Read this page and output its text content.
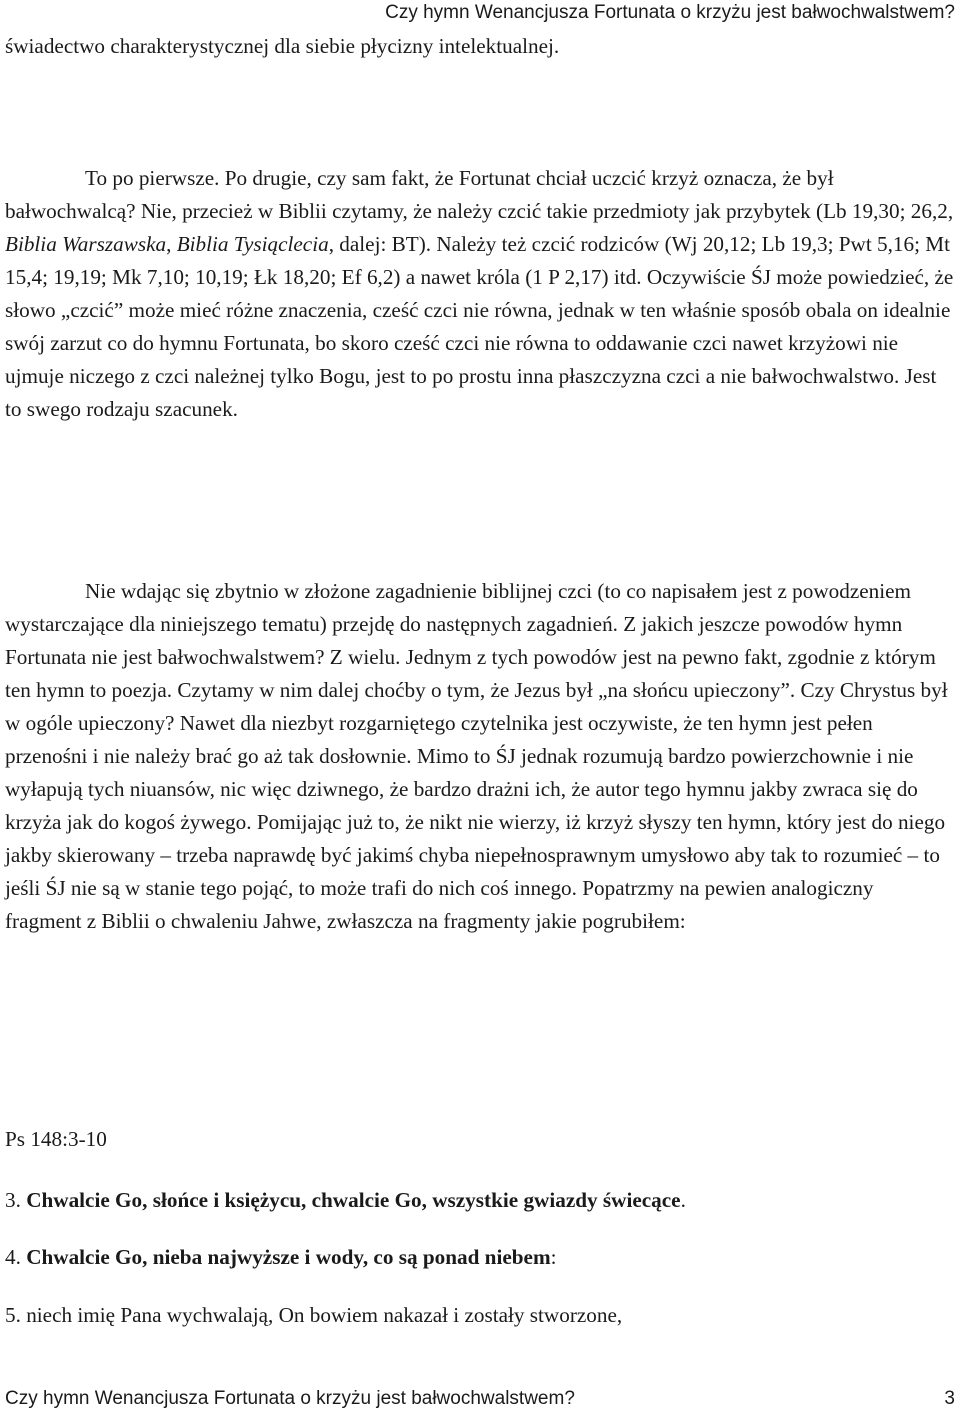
Czy hymn Wenancjusza Fortunata o krzyżu jest bałwochwalstwem?

świadectwo charakterystycznej dla siebie płycizny intelektualnej.

To po pierwsze. Po drugie, czy sam fakt, że Fortunat chciał uczcić krzyż oznacza, że był bałwochwalcą? Nie, przecież w Biblii czytamy, że należy czcić takie przedmioty jak przybytek (Lb 19,30; 26,2, Biblia Warszawska, Biblia Tysiąclecia, dalej: BT). Należy też czcić rodziców (Wj 20,12; Lb 19,3; Pwt 5,16; Mt 15,4; 19,19; Mk 7,10; 10,19; Łk 18,20; Ef 6,2) a nawet króla (1 P 2,17) itd. Oczywiście ŚJ może powiedzieć, że słowo „czcić” może mieć różne znaczenia, cześć czci nie równa, jednak w ten właśnie sposób obala on idealnie swój zarzut co do hymnu Fortunata, bo skoro cześć czci nie równa to oddawanie czci nawet krzyżowi nie ujmuje niczego z czci należnej tylko Bogu, jest to po prostu inna płaszczyzna czci a nie bałwochwalstwo. Jest to swego rodzaju szacunek.

Nie wdając się zbytnio w złożone zagadnienie biblijnej czci (to co napisałem jest z powodzeniem wystarczające dla niniejszego tematu) przejdę do następnych zagadnień. Z jakich jeszcze powodów hymn Fortunata nie jest bałwochwalstwem? Z wielu. Jednym z tych powodów jest na pewno fakt, zgodnie z którym ten hymn to poezja. Czytamy w nim dalej choćby o tym, że Jezus był „na słońcu upieczony”. Czy Chrystus był w ogóle upieczony? Nawet dla niezbyt rozgarniętego czytelnika jest oczywiste, że ten hymn jest pełen przenośni i nie należy brać go aż tak dosłownie. Mimo to ŚJ jednak rozumują bardzo powierzchownie i nie wyłapują tych niuansów, nic więc dziwnego, że bardzo drażni ich, że autor tego hymnu jakby zwraca się do krzyża jak do kogoś żywego. Pomijając już to, że nikt nie wierzy, iż krzyż słyszy ten hymn, który jest do niego jakby skierowany – trzeba naprawdę być jakimś chyba niepełnosprawnym umysłowo aby tak to rozumieć – to jeśli ŚJ nie są w stanie tego pojąć, to może trafi do nich coś innego. Popatrzmy na pewien analogiczny fragment z Biblii o chwaleniu Jahwe, zwłaszcza na fragmenty jakie pogrubiłem:

Ps 148:3-10

3. Chwalcie Go, słońce i księżycu, chwalcie Go, wszystkie gwiazdy świecące.

4. Chwalcie Go, nieba najwyższe i wody, co są ponad niebem:

5. niech imię Pana wychwalają, On bowiem nakazał i zostały stworzone,

Czy hymn Wenancjusza Fortunata o krzyżu jest bałwochwalstwem?	3
